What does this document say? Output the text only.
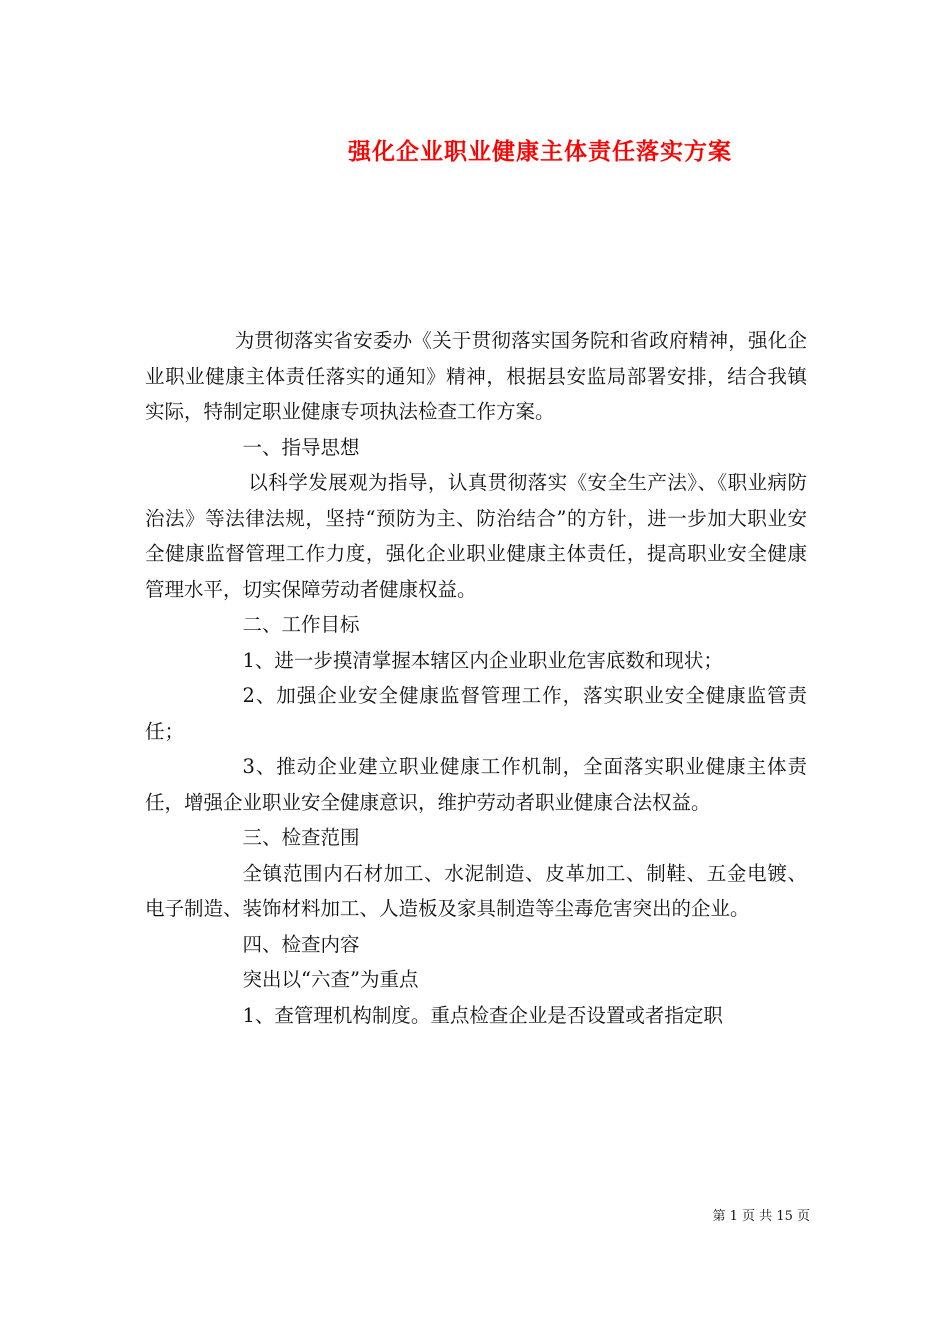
强化企业职业健康主体责任落实方案

为贯彻落实省安委办《关于贯彻落实国务院和省政府精神，强化企业职业健康主体责任落实的通知》精神，根据县安监局部署安排，结合我镇实际，特制定职业健康专项执法检查工作方案。

一、指导思想

以科学发展观为指导，认真贯彻落实《安全生产法》、《职业病防治法》等法律法规，坚持“预防为主、防治结合”的方针，进一步加大职业安全健康监督管理工作力度，强化企业职业健康主体责任，提高职业安全健康管理水平，切实保障劳动者健康权益。

二、工作目标

1、进一步摸清掌握本辖区内企业职业危害底数和现状；

2、加强企业安全健康监督管理工作，落实职业安全健康监管责任；

3、推动企业建立职业健康工作机制，全面落实职业健康主体责任，增强企业职业安全健康意识，维护劳动者职业健康合法权益。

三、检查范围

全镇范围内石材加工、水泥制造、皮革加工、制鞋、五金电镀、电子制造、装饰材料加工、人造板及家具制造等尘毒危害突出的企业。

四、检查内容

突出以“六查”为重点

1、查管理机构制度。重点检查企业是否设置或者指定职

第 1 页 共 15 页
